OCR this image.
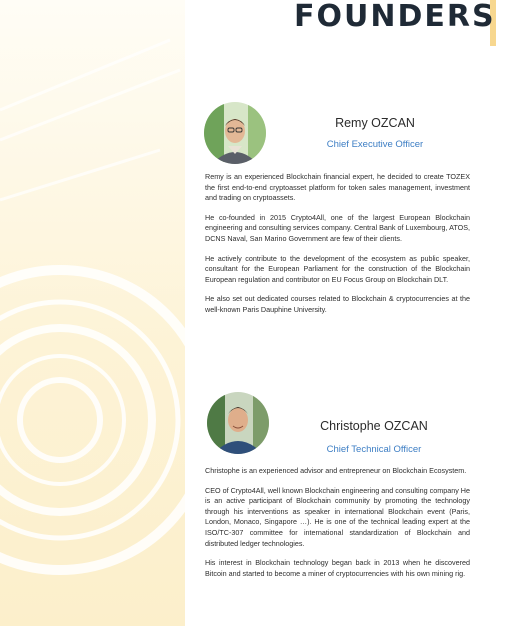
FOUNDERS
Remy OZCAN
Chief Executive Officer

Remy is an experienced Blockchain financial expert, he decided to create TOZEX the first end-to-end cryptoasset platform for token sales management, investment and trading on cryptoassets.

He co-founded in 2015 Crypto4All, one of the largest European Blockchain engineering and consulting services company. Central Bank of Luxembourg, ATOS, DCNS Naval, San Marino Government are few of their clients.

He actively contribute to the development of the ecosystem as public speaker, consultant for the European Parliament for the construction of the Blockchain European regulation and contributor on EU Focus Group on Blockchain DLT.

He also set out dedicated courses related to Blockchain & cryptocurrencies at the well-known Paris Dauphine University.

Christophe OZCAN
Chief Technical Officer

Christophe is an experienced advisor and entrepreneur on Blockchain Ecosystem.

CEO of Crypto4All, well known Blockchain engineering and consulting company He is an active participant of Blockchain community by promoting the technology through his interventions as speaker in international Blockchain event (Paris, London, Monaco, Singapore …). He is one of the technical leading expert at the ISO/TC-307 committee for international standardization of Blockchain and distributed ledger technologies.

His interest in Blockchain technology began back in 2013 when he discovered Bitcoin and started to become a miner of cryptocurrencies with his own mining rig.
